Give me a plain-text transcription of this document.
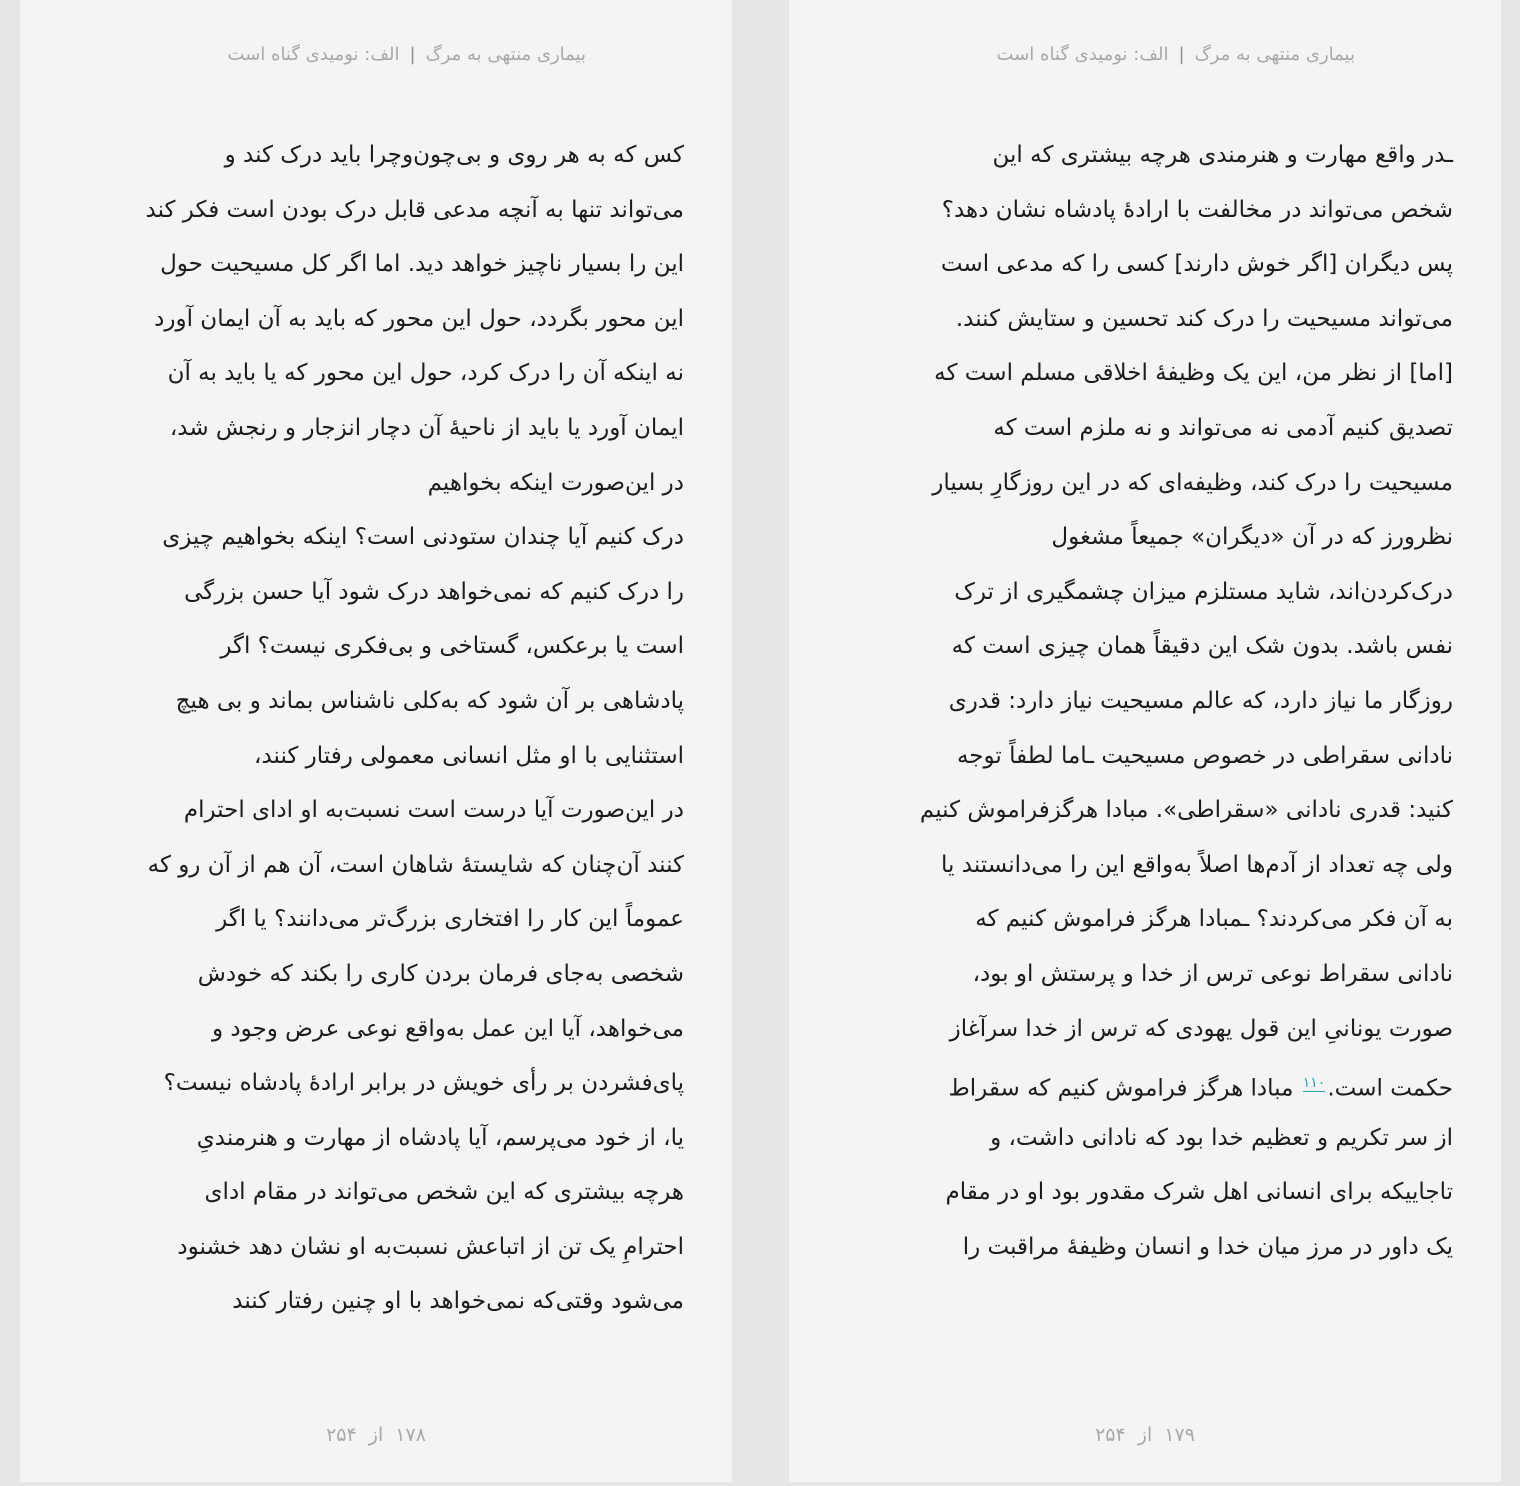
بیماری منتهی به مرگ|الف: نومیدی گناه است
کس که به هر روی و بی‌چون‌وچرا باید درک کند و
می‌تواند تنها به آنچه مدعی قابل درک بودن است فکر کند
این را بسیار ناچیز خواهد دید. اما اگر کل مسیحیت حول
این محور بگردد، حول این محور که باید به آن ایمان آورد
نه اینکه آن را درک کرد، حول این محور که یا باید به آن
ایمان آورد یا باید از ناحیهٔ آن دچار انزجار و رنجش شد،
در این‌صورت اینکه بخواهیم
درک کنیم آیا چندان ستودنی است؟ اینکه بخواهیم چیزی
را درک کنیم که نمی‌خواهد درک شود آیا حسن بزرگی
است یا برعکس، گستاخی و بی‌فکری نیست؟ اگر
پادشاهی بر آن شود که به‌کلی ناشناس بماند و بی هیچ
استثنایی با او مثل انسانی معمولی رفتار کنند،
در این‌صورت آیا درست است نسبت‌به او ادای احترام
کنند آن‌چنان که شایستهٔ شاهان است، آن هم از آن رو که
عموماً این کار را افتخاری بزرگ‌تر می‌دانند؟ یا اگر
شخصی به‌جای فرمان بردن کاری را بکند که خودش
می‌خواهد، آیا این عمل به‌واقع نوعی عرض وجود و
پای‌فشردن بر رأی خویش در برابر ارادهٔ پادشاه نیست؟
یا، از خود می‌پرسم، آیا پادشاه از مهارت و هنرمندیِ
هرچه بیشتری که این شخص می‌تواند در مقام ادای
احترامِ یک تن از اتباعش نسبت‌به او نشان دهد خشنود
می‌شود وقتی‌که نمی‌خواهد با او چنین رفتار کنند
۱۷۸ از ۲۵۴
بیماری منتهی به مرگ|الف: نومیدی گناه است
ـدر واقع مهارت و هنرمندی هرچه بیشتری که این
شخص می‌تواند در مخالفت با ارادهٔ پادشاه نشان دهد؟
پس دیگران [اگر خوش دارند] کسی را که مدعی است
می‌تواند مسیحیت را درک کند تحسین و ستایش کنند.
[اما] از نظر من، این یک وظیفهٔ اخلاقی مسلم است که
تصدیق کنیم آدمی نه می‌تواند و نه ملزم است که
مسیحیت را درک کند، وظیفه‌ای که در این روزگارِ بسیار
نظرورز که در آن «دیگران» جمیعاً مشغول
درک‌کردن‌اند، شاید مستلزم میزان چشمگیری از ترک
نفس باشد. بدون شک این دقیقاً همان چیزی است که
روزگار ما نیاز دارد، که عالم مسیحیت نیاز دارد: قدری
نادانی سقراطی در خصوص مسیحیت ـاما لطفاً توجه
کنید: قدری نادانی «سقراطی». مبادا هرگزفراموش کنیم
ولی چه تعداد از آدم‌ها اصلاً به‌واقع این را می‌دانستند یا
به آن فکر می‌کردند؟ ـمبادا هرگز فراموش کنیم که
نادانی سقراط نوعی ترس از خدا و پرستش او بود،
صورت یونانیِ این قول یهودی که ترس از خدا سرآغاز
حکمت است.$^{۱۱۰}$ مبادا هرگز فراموش کنیم که سقراط
از سر تکریم و تعظیم خدا بود که نادانی داشت، و
تاجاییکه برای انسانی اهل شرک مقدور بود او در مقام
یک داور در مرز میان خدا و انسان وظیفهٔ مراقبت را
۱۷۹ از ۲۵۴
